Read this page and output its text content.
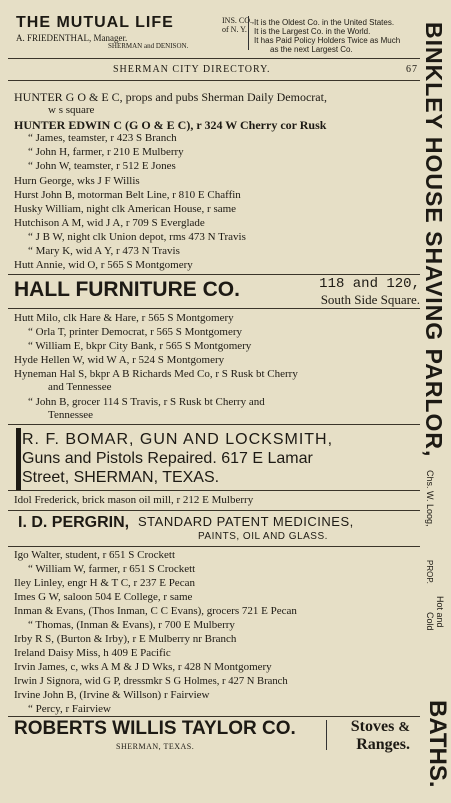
THE MUTUAL LIFE
A. FRIEDENTHAL, Manager.
SHERMAN and DENISON.
INS. CO.,
of N. Y.
It is the Oldest Co. in the United States.
It is the Largest Co. in the World.
It has Paid Policy Holders Twice as Much
as the next Largest Co.
SHERMAN CITY DIRECTORY.	67
HUNTER G O & E C, props and pubs Sherman Daily Democrat,
w s square
HUNTER EDWIN C (G O & E C), r 324 W Cherry cor Rusk
“ James, teamster, r 423 S Branch
“ John H, farmer, r 210 E Mulberry
“ John W, teamster, r 512 E Jones
Hurn George, wks J F Willis
Hurst John B, motorman Belt Line, r 810 E Chaffin
Husky William, night clk American House, r same
Hutchison A M, wid J A, r 709 S Everglade
“ J B W, night clk Union depot, rms 473 N Travis
“ Mary K, wid A Y, r 473 N Travis
Hutt Annie, wid O, r 565 S Montgomery
HALL FURNITURE CO.	118 and 120,
South Side Square.
Hutt Milo, clk Hare & Hare, r 565 S Montgomery
“ Orla T, printer Democrat, r 565 S Montgomery
“ William E, bkpr City Bank, r 565 S Montgomery
Hyde Hellen W, wid W A, r 524 S Montgomery
Hyneman Hal S, bkpr A B Richards Med Co, r S Rusk bt Cherry
and Tennessee
“ John B, grocer 114 S Travis, r S Rusk bt Cherry and
Tennessee
R. F. BOMAR, GUN AND LOCKSMITH,
Guns and Pistols Repaired. 617 E Lamar
Street, SHERMAN, TEXAS.
Idol Frederick, brick mason oil mill, r 212 E Mulberry
I. D. PERGRIN, STANDARD PATENT MEDICINES,
PAINTS, OIL AND GLASS.
Igo Walter, student, r 651 S Crockett
“ William W, farmer, r 651 S Crockett
Iley Linley, engr H & T C, r 237 E Pecan
Imes G W, saloon 504 E College, r same
Inman & Evans, (Thos Inman, C C Evans), grocers 721 E Pecan
“ Thomas, (Inman & Evans), r 700 E Mulberry
Irby R S, (Burton & Irby), r E Mulberry nr Branch
Ireland Daisy Miss, h 409 E Pacific
Irvin James, c, wks A M & J D Wks, r 428 N Montgomery
Irwin J Signora, wid G P, dressmkr S G Holmes, r 427 N Branch
Irvine John B, (Irvine & Willson) r Fairview
“ Percy, r Fairview
ROBERTS WILLIS TAYLOR CO.
SHERMAN, TEXAS.
Stoves &
Ranges.
BINKLEY HOUSE SHAVING PARLOR,
Chs. W. Loog,
PROP.
Hot and
Cold
BATHS.
